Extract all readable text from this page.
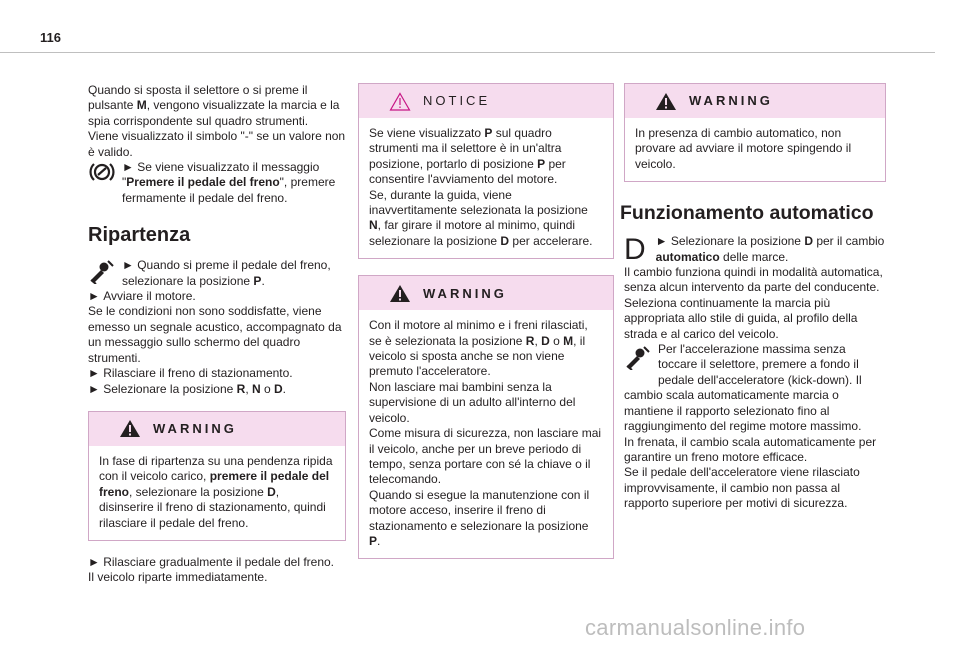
116

Quando si sposta il selettore o si preme il pulsante M, vengono visualizzate la marcia e la spia corrispondente sul quadro strumenti.

Viene visualizzato il simbolo "-" se un valore non è valido.

► Se viene visualizzato il messaggio "Premere il pedale del freno", premere fermamente il pedale del freno.

Ripartenza

► Quando si preme il pedale del freno, selezionare la posizione P.

► Avviare il motore.

Se le condizioni non sono soddisfatte, viene emesso un segnale acustico, accompagnato da un messaggio sullo schermo del quadro strumenti.

► Rilasciare il freno di stazionamento.

► Selezionare la posizione R, N o D.

WARNING
In fase di ripartenza su una pendenza ripida con il veicolo carico, premere il pedale del freno, selezionare la posizione D, disinserire il freno di stazionamento, quindi rilasciare il pedale del freno.

► Rilasciare gradualmente il pedale del freno.

Il veicolo riparte immediatamente.

NOTICE
Se viene visualizzato P sul quadro strumenti ma il selettore è in un'altra posizione, portarlo di posizione P per consentire l'avviamento del motore.
Se, durante la guida, viene inavvertitamente selezionata la posizione N, far girare il motore al minimo, quindi selezionare la posizione D per accelerare.
WARNING
Con il motore al minimo e i freni rilasciati, se è selezionata la posizione R, D o M, il veicolo si sposta anche se non viene premuto l'acceleratore.
Non lasciare mai bambini senza la supervisione di un adulto all'interno del veicolo.
Come misura di sicurezza, non lasciare mai il veicolo, anche per un breve periodo di tempo, senza portare con sé la chiave o il telecomando.
Quando si esegue la manutenzione con il motore acceso, inserire il freno di stazionamento e selezionare la posizione P.
WARNING
In presenza di cambio automatico, non provare ad avviare il motore spingendo il veicolo.

Funzionamento automatico

D

►	Selezionare la posizione D per il cambio automatico delle marce.

Il cambio funziona quindi in modalità automatica, senza alcun intervento da parte del conducente.

Seleziona continuamente la marcia più appropriata allo stile di guida, al profilo della strada e al carico del veicolo.

Per l'accelerazione massima senza toccare il selettore, premere a fondo il pedale dell'acceleratore (kick-down). Il cambio scala automaticamente marcia o mantiene il rapporto selezionato fino al raggiungimento del regime motore massimo.

In frenata, il cambio scala automaticamente per garantire un freno motore efficace.

Se il pedale dell'acceleratore viene rilasciato improvvisamente, il cambio non passa al rapporto superiore per motivi di sicurezza.

carmanualsonline.info
